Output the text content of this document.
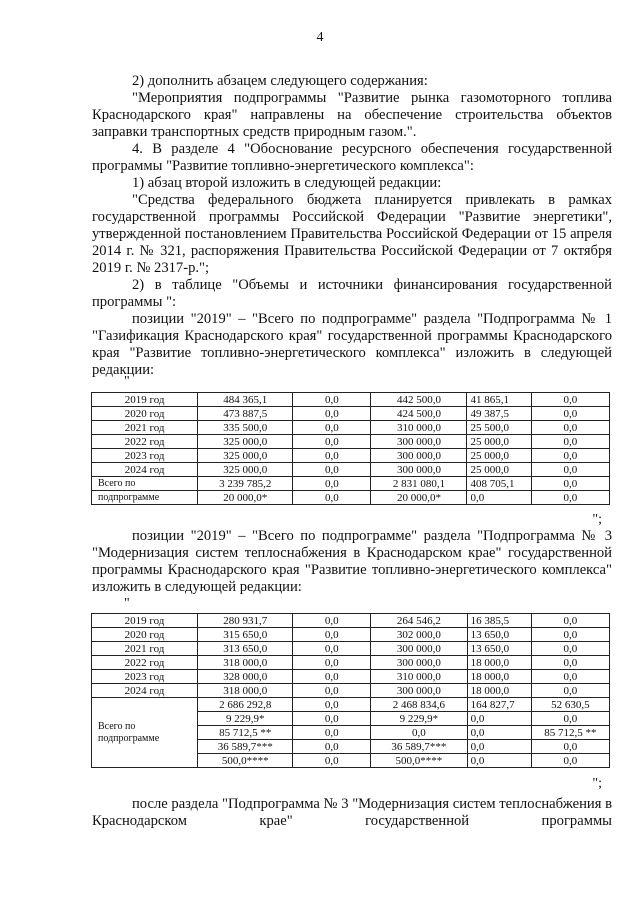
4

2) дополнить абзацем следующего содержания:

"Мероприятия подпрограммы "Развитие рынка газомоторного топлива Краснодарского края" направлены на обеспечение строительства объектов заправки транспортных средств природным газом.".

4. В разделе 4 "Обоснование ресурсного обеспечения государственной программы "Развитие топливно-энергетического комплекса":

1) абзац второй изложить в следующей редакции:

"Средства федерального бюджета планируется привлекать в рамках государственной программы Российской Федерации "Развитие энергетики", утвержденной постановлением Правительства Российской Федерации от 15 апреля 2014 г. № 321, распоряжения Правительства Российской Федерации от 7 октября 2019 г. № 2317-р.";

2) в таблице "Объемы и источники финансирования государственной программы ":

позиции "2019" – "Всего по подпрограмме" раздела "Подпрограмма № 1 "Газификация Краснодарского края" государственной программы Краснодарского края "Развитие топливно-энергетического комплекса" изложить в следующей редакции:

"
2019 год	484 365,1	0,0	442 500,0	41 865,1	0,0
2020 год	473 887,5	0,0	424 500,0	49 387,5	0,0
2021 год	335 500,0	0,0	310 000,0	25 500,0	0,0
2022 год	325 000,0	0,0	300 000,0	25 000,0	0,0
2023 год	325 000,0	0,0	300 000,0	25 000,0	0,0
2024 год	325 000,0	0,0	300 000,0	25 000,0	0,0
Всего по	3 239 785,2	0,0	2 831 080,1	408 705,1	0,0
подпрограмме	20 000,0*	0,0	20 000,0*	0,0	0,0
";

позиции "2019" – "Всего по подпрограмме" раздела "Подпрограмма № 3 "Модернизация систем теплоснабжения в Краснодарском крае" государственной программы Краснодарского края "Развитие топливно-энергетического комплекса" изложить в следующей редакции:

"
2019 год	280 931,7	0,0	264 546,2	16 385,5	0,0
2020 год	315 650,0	0,0	302 000,0	13 650,0	0,0
2021 год	313 650,0	0,0	300 000,0	13 650,0	0,0
2022 год	318 000,0	0,0	300 000,0	18 000,0	0,0
2023 год	328 000,0	0,0	310 000,0	18 000,0	0,0
2024 год	318 000,0	0,0	300 000,0	18 000,0	0,0
Всего по
подпрограмме	2 686 292,8	0,0	2 468 834,6	164 827,7	52 630,5
	9 229,9*	0,0	9 229,9*	0,0	0,0
	85 712,5 **	0,0	0,0	0,0	85 712,5 **
	36 589,7***	0,0	36 589,7***	0,0	0,0
	500,0****	0,0	500,0****	0,0	0,0
";

после раздела "Подпрограмма № 3 "Модернизация систем теплоснабжения в Краснодарском крае" государственной программы
